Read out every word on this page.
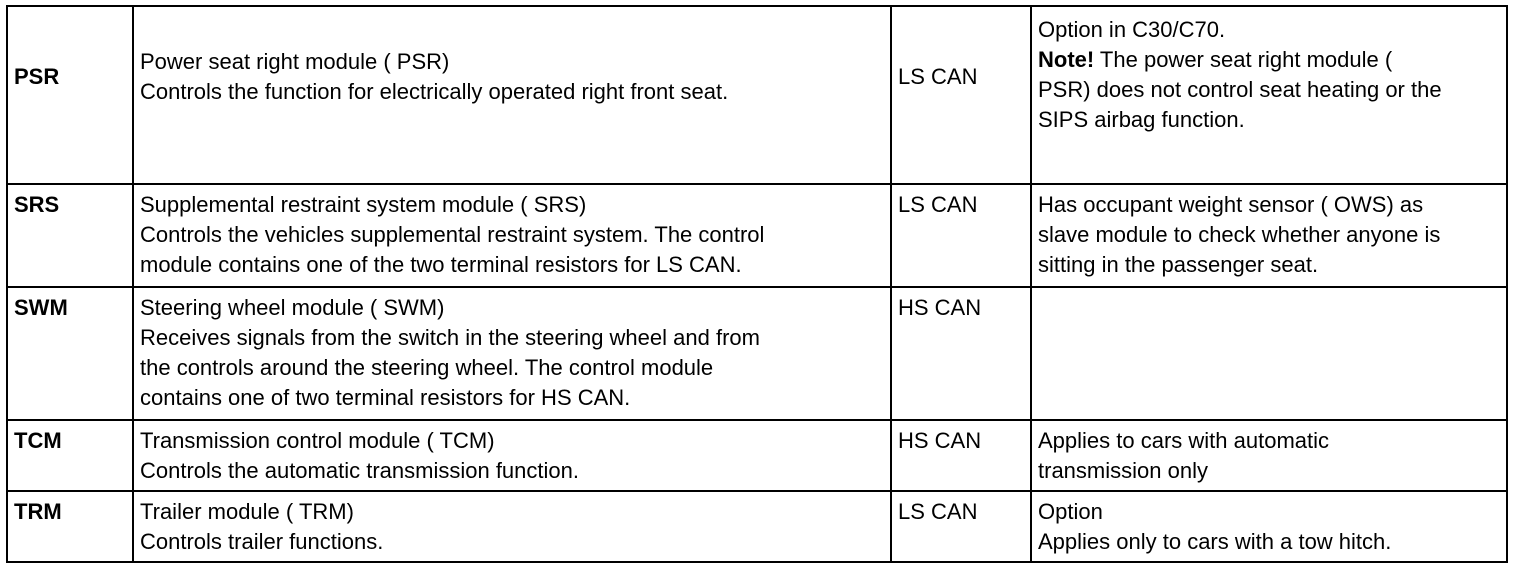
PSR	Power seat right module ( PSR)
Controls the function for electrically operated right front seat.	LS CAN	Option in C30/C70.
Note! The power seat right module (
PSR) does not control seat heating or the
SIPS airbag function.

SRS	Supplemental restraint system module ( SRS)
Controls the vehicles supplemental restraint system. The control
module contains one of the two terminal resistors for LS CAN.	LS CAN	Has occupant weight sensor ( OWS) as
slave module to check whether anyone is
sitting in the passenger seat.

SWM	Steering wheel module ( SWM)
Receives signals from the switch in the steering wheel and from
the controls around the steering wheel. The control module
contains one of two terminal resistors for HS CAN.	HS CAN	

TCM	Transmission control module ( TCM)
Controls the automatic transmission function.	HS CAN	Applies to cars with automatic
transmission only

TRM	Trailer module ( TRM)
Controls trailer functions.	LS CAN	Option
Applies only to cars with a tow hitch.
